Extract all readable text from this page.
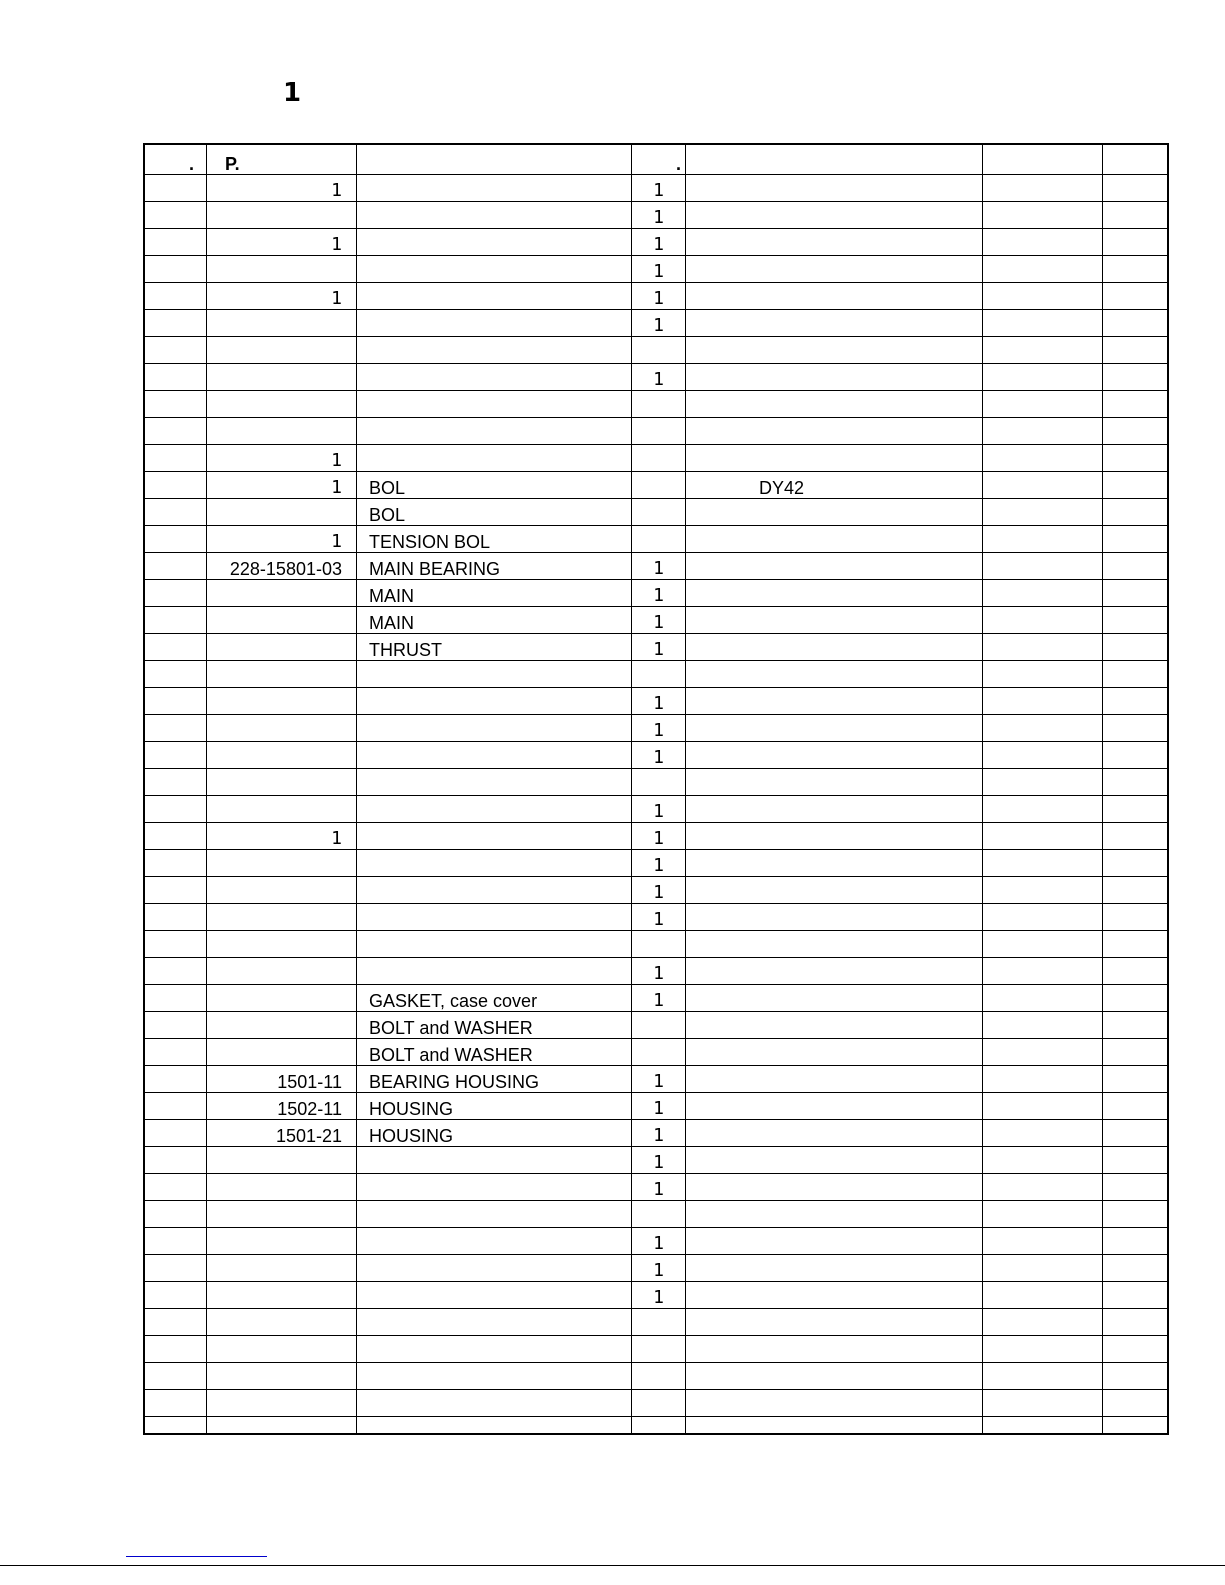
1
.	P.		.			
	1		1			
			1			
	1		1			
			1			
	1		1			
			1			

			1			

	1					
	1	BOL		DY42		
		BOL				
	1	TENSION BOL				
	228-15801-03	MAIN BEARING	1			
		MAIN	1			
		MAIN	1			
		THRUST	1			

			1			
			1			
			1			

			1			
	1		1			
			1			
			1			
			1			

			1			
		GASKET, case cover	1			
		BOLT and WASHER				
		BOLT and WASHER				
	1501-11	BEARING HOUSING	1			
	1502-11	HOUSING	1			
	1501-21	HOUSING	1			
			1			
			1			

			1			
			1			
			1			
